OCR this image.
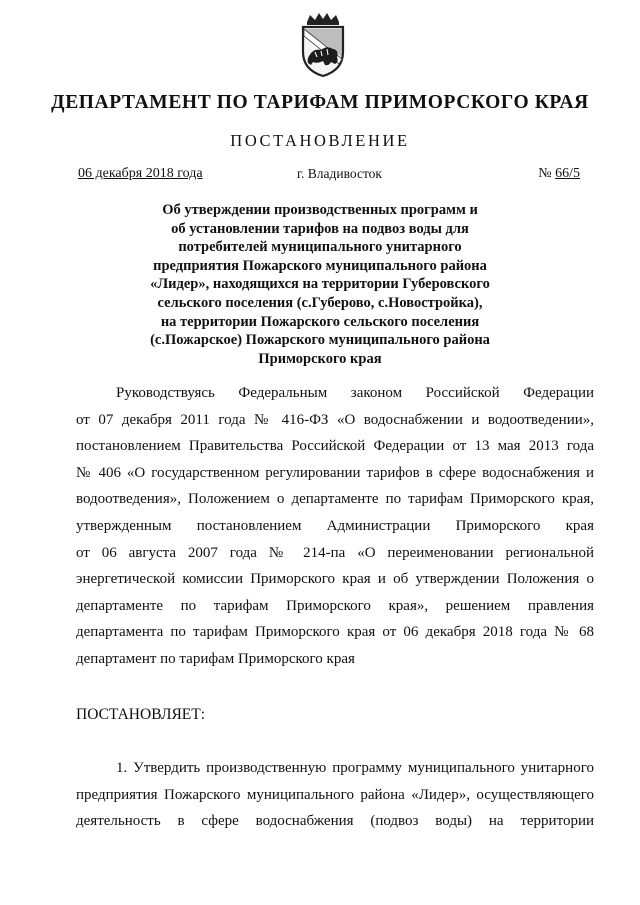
ДЕПАРТАМЕНТ ПО ТАРИФАМ ПРИМОРСКОГО КРАЯ
ПОСТАНОВЛЕНИЕ
06 декабря 2018 года	г. Владивосток	№ 66/5
Об утверждении производственных программ и
об установлении тарифов на подвоз воды для
потребителей муниципального унитарного
предприятия Пожарского муниципального района
«Лидер», находящихся на территории Губеровского
сельского поселения (с.Губерово, с.Новостройка),
на территории Пожарского сельского поселения
(с.Пожарское) Пожарского муниципального района
Приморского края
Руководствуясь Федеральным законом Российской Федерации
от 07 декабря 2011 года № 416-ФЗ «О водоснабжении и водоотведении»,
постановлением Правительства Российской Федерации от 13 мая 2013 года
№ 406 «О государственном регулировании тарифов в сфере водоснабжения и
водоотведения», Положением о департаменте по тарифам Приморского края,
утвержденным постановлением Администрации Приморского края
от 06 августа 2007 года № 214-па «О переименовании региональной
энергетической комиссии Приморского края и об утверждении Положения о
департаменте по тарифам Приморского края», решением правления
департамента по тарифам Приморского края от 06 декабря 2018 года № 68
департамент по тарифам Приморского края
ПОСТАНОВЛЯЕТ:
1. Утвердить производственную программу муниципального унитарного
предприятия Пожарского муниципального района «Лидер», осуществляющего
деятельность в сфере водоснабжения (подвоз воды) на территории
